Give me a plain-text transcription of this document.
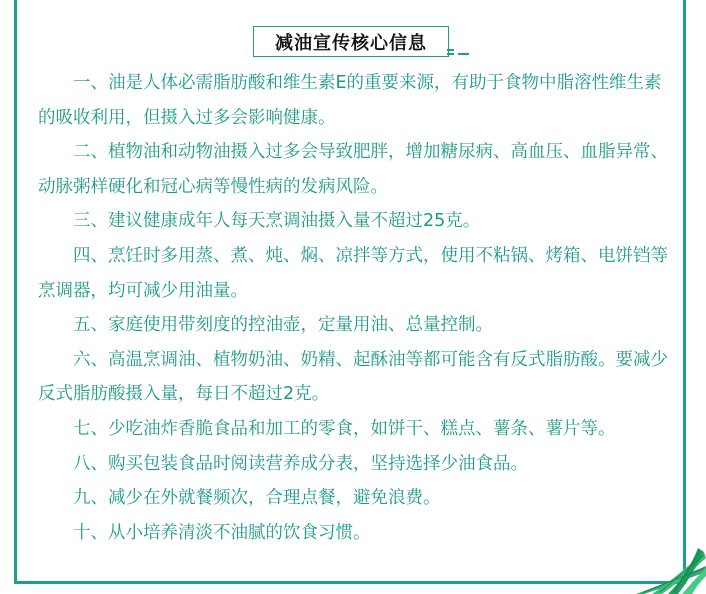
减油宣传核心信息

一、油是人体必需脂肪酸和维生素E的重要来源，有助于食物中脂溶性维生素的吸收利用，但摄入过多会影响健康。

二、植物油和动物油摄入过多会导致肥胖，增加糖尿病、高血压、血脂异常、动脉粥样硬化和冠心病等慢性病的发病风险。

三、建议健康成年人每天烹调油摄入量不超过25克。

四、烹饪时多用蒸、煮、炖、焖、凉拌等方式，使用不粘锅、烤箱、电饼铛等烹调器，均可减少用油量。

五、家庭使用带刻度的控油壶，定量用油、总量控制。

六、高温烹调油、植物奶油、奶精、起酥油等都可能含有反式脂肪酸。要减少反式脂肪酸摄入量，每日不超过2克。

七、少吃油炸香脆食品和加工的零食，如饼干、糕点、薯条、薯片等。

八、购买包装食品时阅读营养成分表，坚持选择少油食品。

九、减少在外就餐频次，合理点餐，避免浪费。

十、从小培养清淡不油腻的饮食习惯。
